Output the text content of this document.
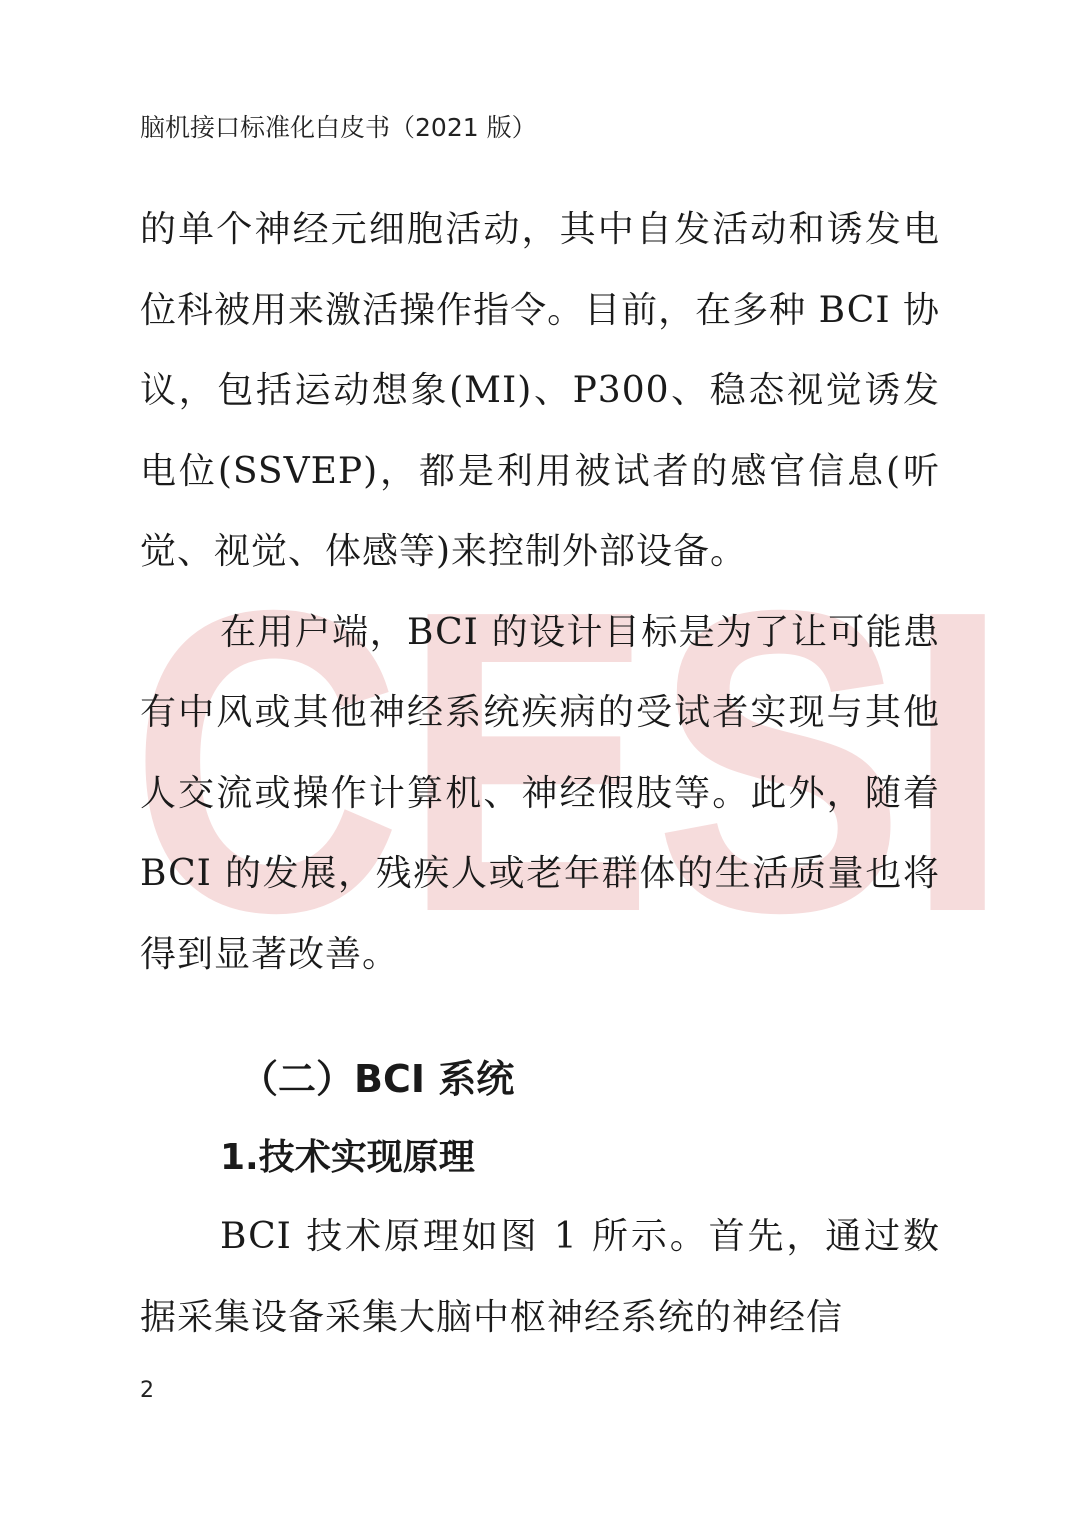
CESI
脑机接口标准化白皮书（2021 版）

的单个神经元细胞活动，其中自发活动和诱发电位科被用来激活操作指令。目前，在多种 BCI 协议，包括运动想象(MI)、P300、稳态视觉诱发电位(SSVEP)，都是利用被试者的感官信息(听觉、视觉、体感等)来控制外部设备。

在用户端，BCI 的设计目标是为了让可能患有中风或其他神经系统疾病的受试者实现与其他人交流或操作计算机、神经假肢等。此外，随着 BCI 的发展，残疾人或老年群体的生活质量也将得到显著改善。

（二）BCI 系统
1.技术实现原理

BCI 技术原理如图 1 所示。首先，通过数据采集设备采集大脑中枢神经系统的神经信

2
